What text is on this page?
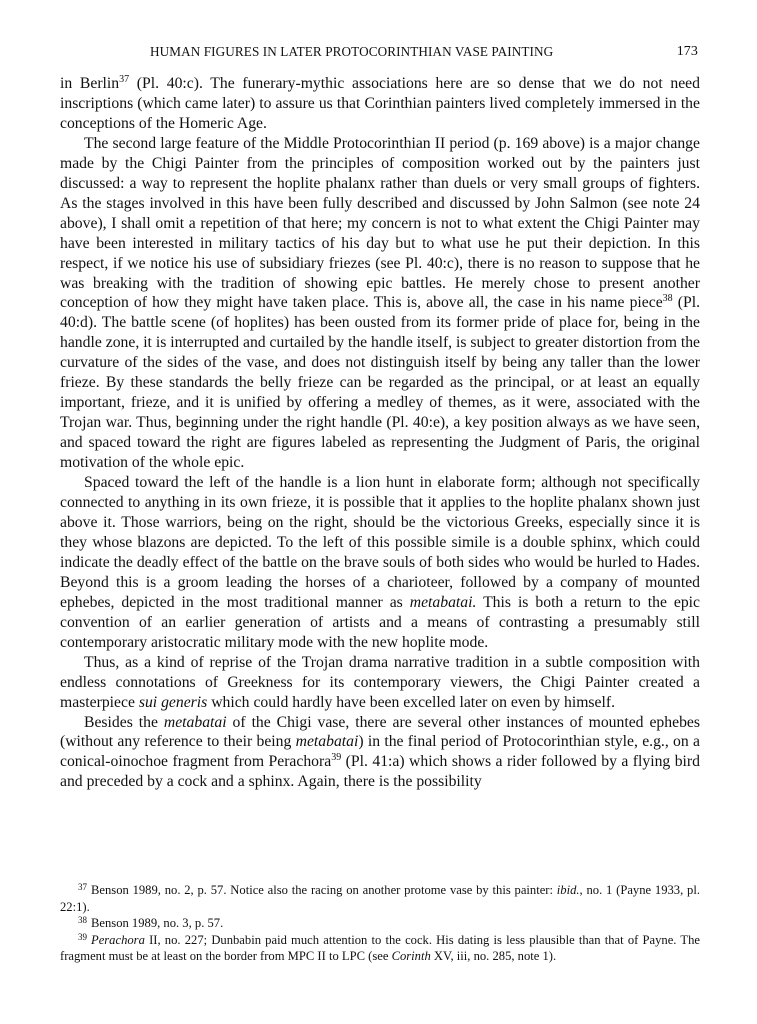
HUMAN FIGURES IN LATER PROTOCORINTHIAN VASE PAINTING	173

in Berlin$^{37}$ (Pl. 40:c). The funerary-mythic associations here are so dense that we do not need inscriptions (which came later) to assure us that Corinthian painters lived completely immersed in the conceptions of the Homeric Age.

The second large feature of the Middle Protocorinthian II period (p. 169 above) is a major change made by the Chigi Painter from the principles of composition worked out by the painters just discussed: a way to represent the hoplite phalanx rather than duels or very small groups of fighters. As the stages involved in this have been fully described and discussed by John Salmon (see note 24 above), I shall omit a repetition of that here; my concern is not to what extent the Chigi Painter may have been interested in military tactics of his day but to what use he put their depiction. In this respect, if we notice his use of subsidiary friezes (see Pl. 40:c), there is no reason to suppose that he was breaking with the tradition of showing epic battles. He merely chose to present another conception of how they might have taken place. This is, above all, the case in his name piece$^{38}$ (Pl. 40:d). The battle scene (of hoplites) has been ousted from its former pride of place for, being in the handle zone, it is interrupted and curtailed by the handle itself, is subject to greater distortion from the curvature of the sides of the vase, and does not distinguish itself by being any taller than the lower frieze. By these standards the belly frieze can be regarded as the principal, or at least an equally important, frieze, and it is unified by offering a medley of themes, as it were, associated with the Trojan war. Thus, beginning under the right handle (Pl. 40:e), a key position always as we have seen, and spaced toward the right are figures labeled as representing the Judgment of Paris, the original motivation of the whole epic.

Spaced toward the left of the handle is a lion hunt in elaborate form; although not specifically connected to anything in its own frieze, it is possible that it applies to the hoplite phalanx shown just above it. Those warriors, being on the right, should be the victorious Greeks, especially since it is they whose blazons are depicted. To the left of this possible simile is a double sphinx, which could indicate the deadly effect of the battle on the brave souls of both sides who would be hurled to Hades. Beyond this is a groom leading the horses of a charioteer, followed by a company of mounted ephebes, depicted in the most traditional manner as metabatai. This is both a return to the epic convention of an earlier generation of artists and a means of contrasting a presumably still contemporary aristocratic military mode with the new hoplite mode.

Thus, as a kind of reprise of the Trojan drama narrative tradition in a subtle composition with endless connotations of Greekness for its contemporary viewers, the Chigi Painter created a masterpiece sui generis which could hardly have been excelled later on even by himself.

Besides the metabatai of the Chigi vase, there are several other instances of mounted ephebes (without any reference to their being metabatai) in the final period of Protocorinthian style, e.g., on a conical-oinochoe fragment from Perachora$^{39}$ (Pl. 41:a) which shows a rider followed by a flying bird and preceded by a cock and a sphinx. Again, there is the possibility

$^{37}$ Benson 1989, no. 2, p. 57. Notice also the racing on another protome vase by this painter: ibid., no. 1 (Payne 1933, pl. 22:1).

$^{38}$ Benson 1989, no. 3, p. 57.

$^{39}$ Perachora II, no. 227; Dunbabin paid much attention to the cock. His dating is less plausible than that of Payne. The fragment must be at least on the border from MPC II to LPC (see Corinth XV, iii, no. 285, note 1).
